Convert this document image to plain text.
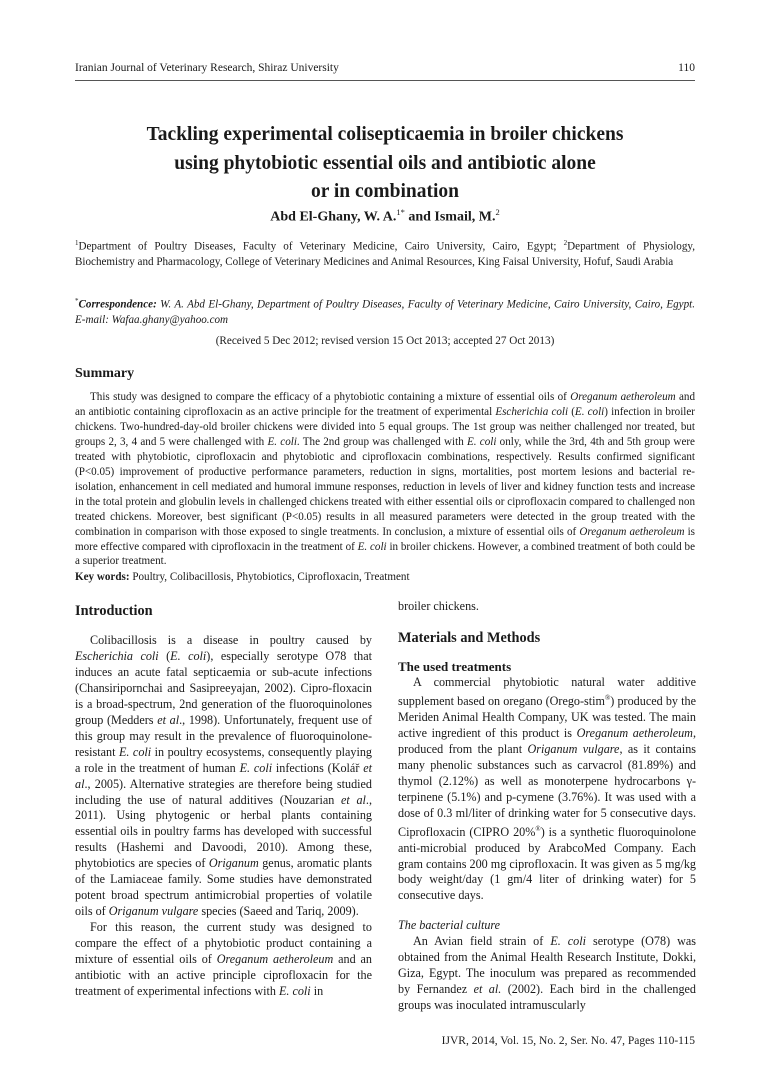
Iranian Journal of Veterinary Research, Shiraz University	110
Tackling experimental colisepticaemia in broiler chickens
using phytobiotic essential oils and antibiotic alone
or in combination
Abd El-Ghany, W. A.$^{1*}$ and Ismail, M.$^2$
$^1$Department of Poultry Diseases, Faculty of Veterinary Medicine, Cairo University, Cairo, Egypt; $^2$Department of Physiology, Biochemistry and Pharmacology, College of Veterinary Medicines and Animal Resources, King Faisal University, Hofuf, Saudi Arabia
*Correspondence: W. A. Abd El-Ghany, Department of Poultry Diseases, Faculty of Veterinary Medicine, Cairo University, Cairo, Egypt. E-mail: Wafaa.ghany@yahoo.com
(Received 5 Dec 2012; revised version 15 Oct 2013; accepted 27 Oct 2013)
Summary

This study was designed to compare the efficacy of a phytobiotic containing a mixture of essential oils of Oreganum aetheroleum and an antibiotic containing ciprofloxacin as an active principle for the treatment of experimental Escherichia coli (E. coli) infection in broiler chickens. Two-hundred-day-old broiler chickens were divided into 5 equal groups. The 1st group was neither challenged nor treated, but groups 2, 3, 4 and 5 were challenged with E. coli. The 2nd group was challenged with E. coli only, while the 3rd, 4th and 5th group were treated with phytobiotic, ciprofloxacin and phytobiotic and ciprofloxacin combinations, respectively. Results confirmed significant (P<0.05) improvement of productive performance parameters, reduction in signs, mortalities, post mortem lesions and bacterial re-isolation, enhancement in cell mediated and humoral immune responses, reduction in levels of liver and kidney function tests and increase in the total protein and globulin levels in challenged chickens treated with either essential oils or ciprofloxacin compared to challenged non treated chickens. Moreover, best significant (P<0.05) results in all measured parameters were detected in the group treated with the combination in comparison with those exposed to single treatments. In conclusion, a mixture of essential oils of Oreganum aetheroleum is more effective compared with ciprofloxacin in the treatment of E. coli in broiler chickens. However, a combined treatment of both could be a superior treatment.

Key words: Poultry, Colibacillosis, Phytobiotics, Ciprofloxacin, Treatment
Introduction

Colibacillosis is a disease in poultry caused by Escherichia coli (E. coli), especially serotype O78 that induces an acute fatal septicaemia or sub-acute infections (Chansiripornchai and Sasipreeyajan, 2002). Cipro-floxacin is a broad-spectrum, 2nd generation of the fluoroquinolones group (Medders et al., 1998). Unfortunately, frequent use of this group may result in the prevalence of fluoroquinolone-resistant E. coli in poultry ecosystems, consequently playing a role in the treatment of human E. coli infections (Kolář et al., 2005). Alternative strategies are therefore being studied including the use of natural additives (Nouzarian et al., 2011). Using phytogenic or herbal plants containing essential oils in poultry farms has developed with successful results (Hashemi and Davoodi, 2010). Among these, phytobiotics are species of Origanum genus, aromatic plants of the Lamiaceae family. Some studies have demonstrated potent broad spectrum antimicrobial properties of volatile oils of Origanum vulgare species (Saeed and Tariq, 2009).

For this reason, the current study was designed to compare the effect of a phytobiotic product containing a mixture of essential oils of Oreganum aetheroleum and an antibiotic with an active principle ciprofloxacin for the treatment of experimental infections with E. coli in

broiler chickens.

Materials and Methods
The used treatments

A commercial phytobiotic natural water additive supplement based on oregano (Orego-stim®) produced by the Meriden Animal Health Company, UK was tested. The main active ingredient of this product is Oreganum aetheroleum, produced from the plant Origanum vulgare, as it contains many phenolic substances such as carvacrol (81.89%) and thymol (2.12%) as well as monoterpene hydrocarbons γ-terpinene (5.1%) and p-cymene (3.76%). It was used with a dose of 0.3 ml/liter of drinking water for 5 consecutive days. Ciprofloxacin (CIPRO 20%®) is a synthetic fluoroquinolone anti-microbial produced by ArabcoMed Company. Each gram contains 200 mg ciprofloxacin. It was given as 5 mg/kg body weight/day (1 gm/4 liter of drinking water) for 5 consecutive days.

The bacterial culture

An Avian field strain of E. coli serotype (O78) was obtained from the Animal Health Research Institute, Dokki, Giza, Egypt. The inoculum was prepared as recommended by Fernandez et al. (2002). Each bird in the challenged groups was inoculated intramuscularly

IJVR, 2014, Vol. 15, No. 2, Ser. No. 47, Pages 110-115
